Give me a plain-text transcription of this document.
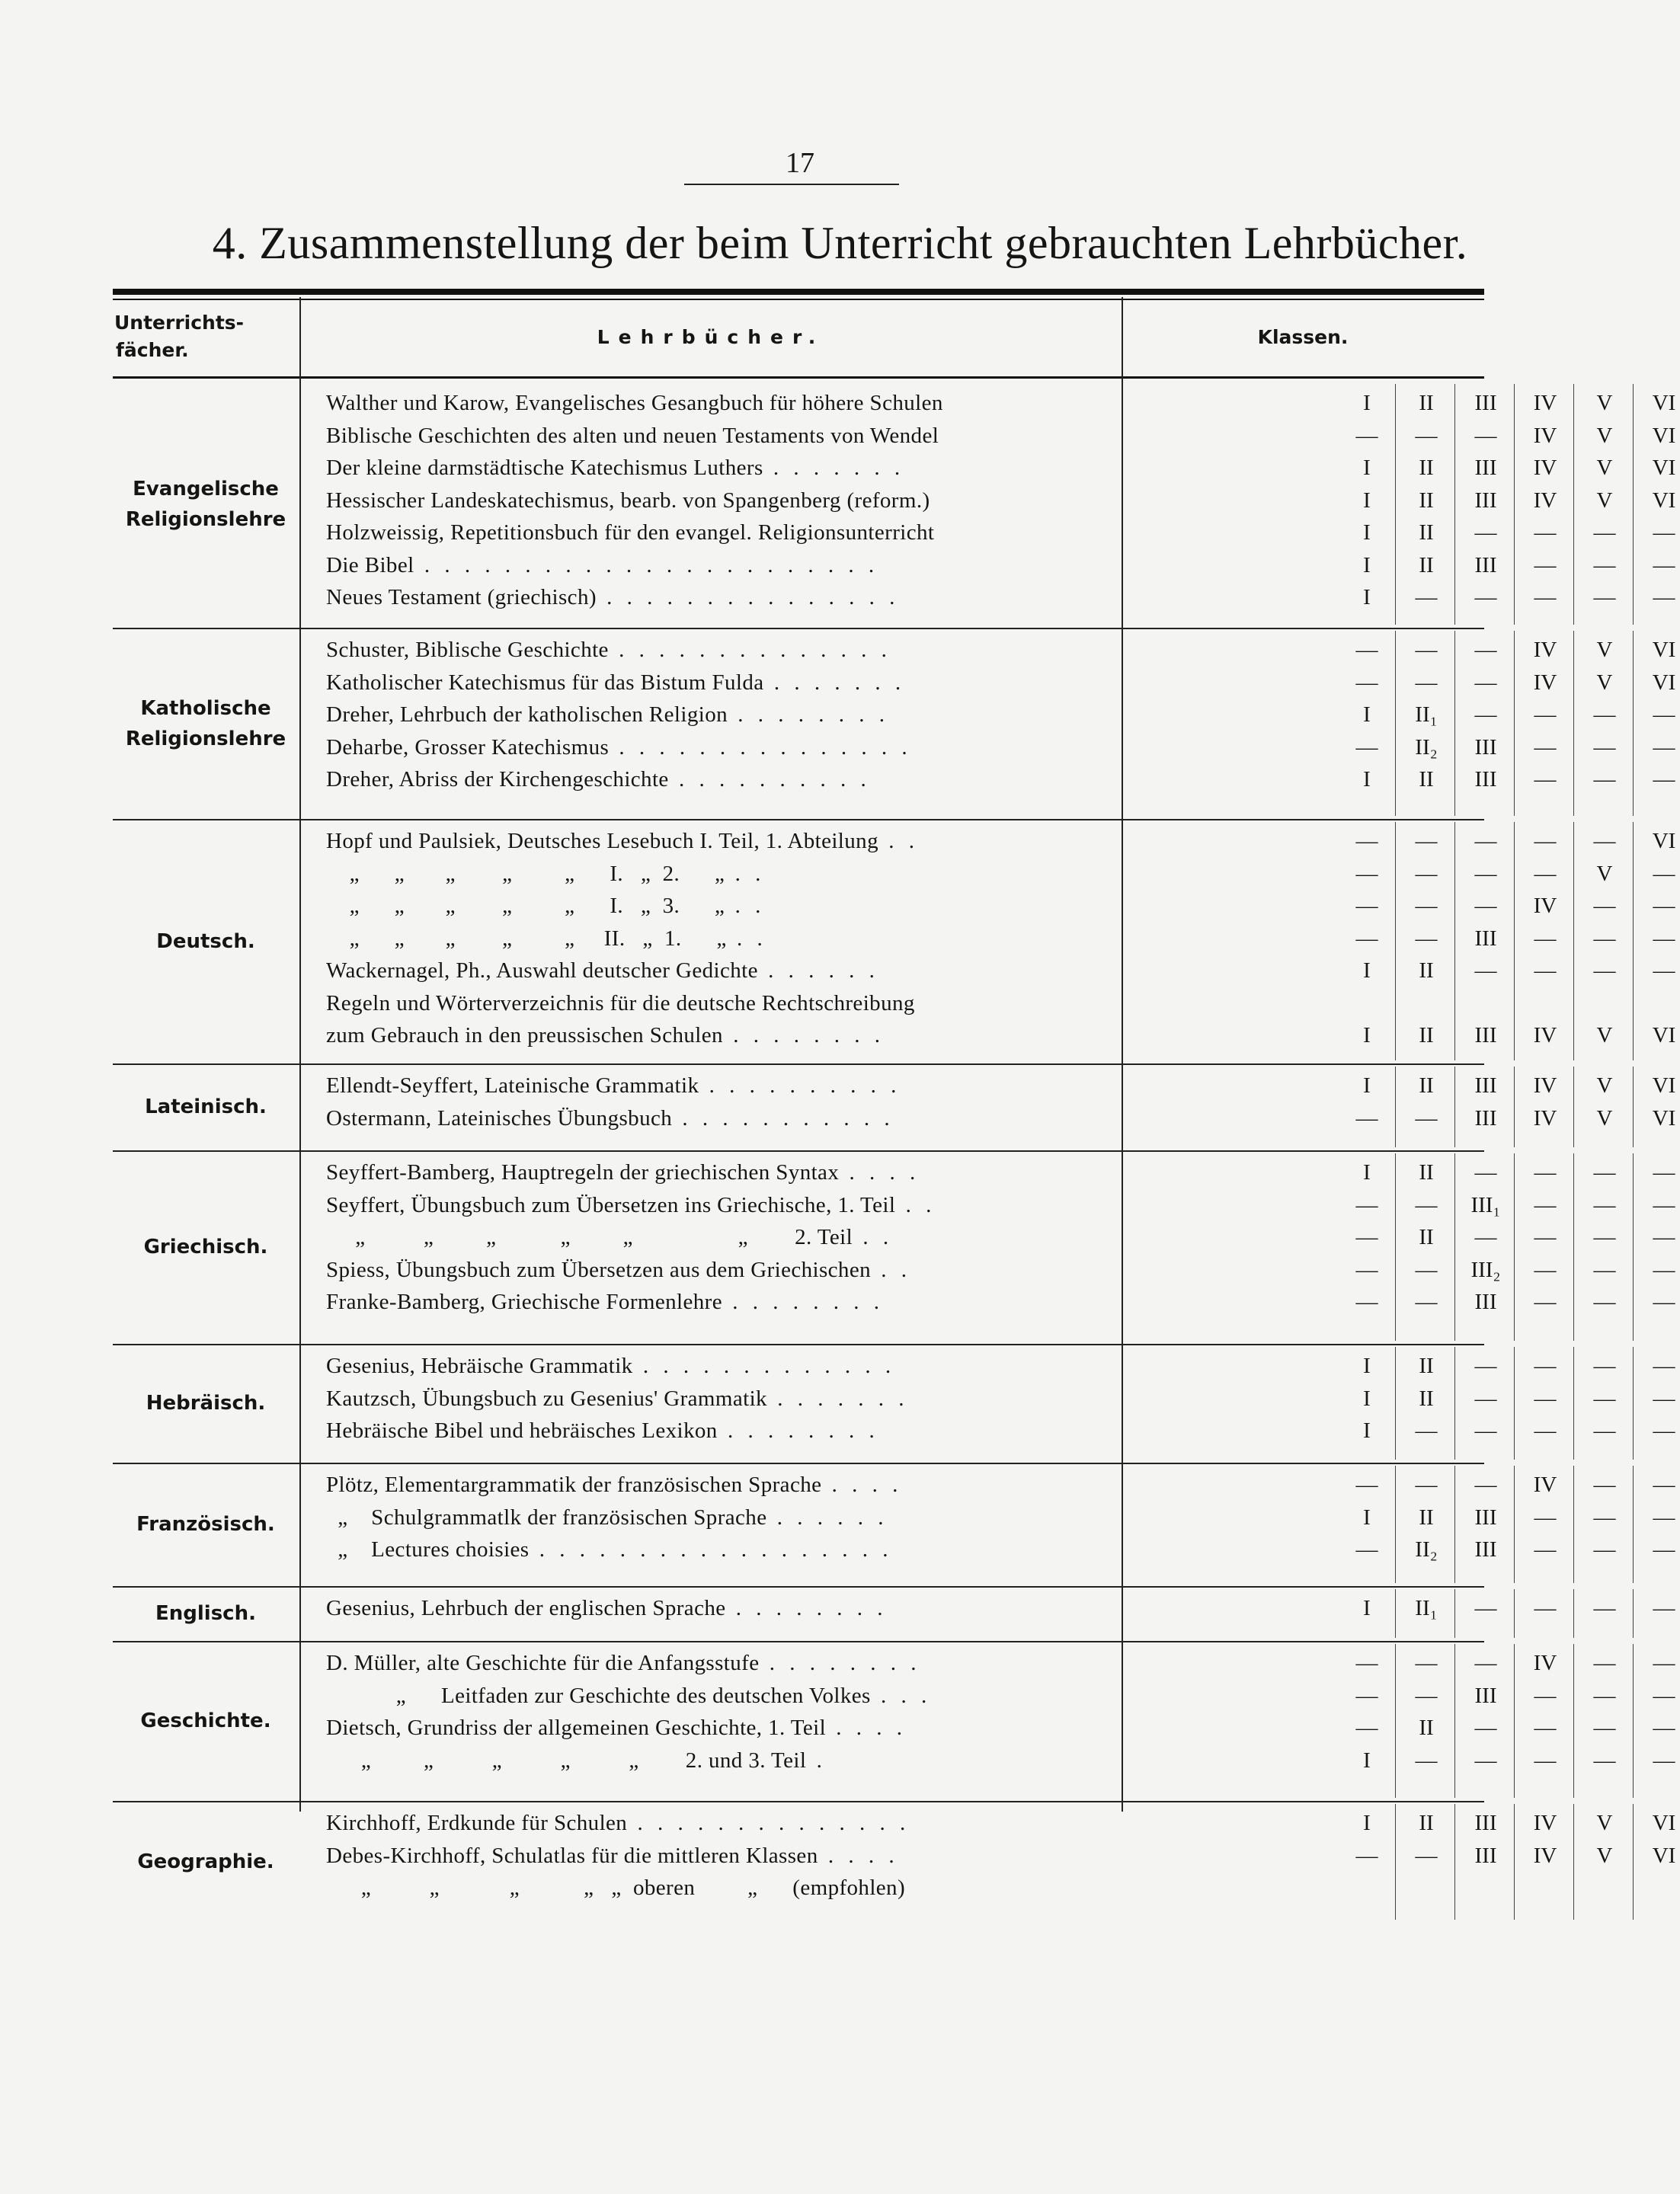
17
4. Zusammenstellung der beim Unterricht gebrauchten Lehrbücher.
Unterrichts-
fächer.
Lehrbücher.	Klassen.
Evangelische
Religionslehre
Walther und Karow, Evangelisches Gesangbuch für höhere Schulen	I	II	III	IV	V	VI
Biblische Geschichten des alten und neuen Testaments von Wendel	—	—	—	IV	V	VI
Der kleine darmstädtische Katechismus Luthers . . . . . . .	I	II	III	IV	V	VI
Hessischer Landeskatechismus, bearb. von Spangenberg (reform.)	I	II	III	IV	V	VI
Holzweissig, Repetitionsbuch für den evangel. Religionsunterricht	I	II	—	—	—	—
Die Bibel . . . . . . . . . . . . . . . . . . . . . . .	I	II	III	—	—	—
Neues Testament (griechisch) . . . . . . . . . . . . . . .	I	—	—	—	—	—
Katholische
Religionslehre
Schuster, Biblische Geschichte . . . . . . . . . . . . . .	—	—	—	IV	V	VI
Katholischer Katechismus für das Bistum Fulda . . . . . . .	—	—	—	IV	V	VI
Dreher, Lehrbuch der katholischen Religion . . . . . . . .	I	II₁	—	—	—	—
Deharbe, Grosser Katechismus . . . . . . . . . . . . . . .	—	II₂	III	—	—	—
Dreher, Abriss der Kirchengeschichte . . . . . . . . . .	I	II	III	—	—	—
Deutsch.
Hopf und Paulsiek, Deutsches Lesebuch I. Teil, 1. Abteilung . .	—	—	—	—	—	VI
„      „       „        „         „      I.   „  2.      „ . .	—	—	—	—	V	—
„      „       „        „         „      I.   „  3.      „ . .	—	—	—	IV	—	—
„      „       „        „         „     II.   „  1.      „ . .	—	—	III	—	—	—
Wackernagel, Ph., Auswahl deutscher Gedichte . . . . . .	I	II	—	—	—	—
Regeln und Wörterverzeichnis für die deutsche Rechtschreibung
zum Gebrauch in den preussischen Schulen . . . . . . . .	I	II	III	IV	V	VI
Lateinisch.
Ellendt-Seyffert, Lateinische Grammatik . . . . . . . . . .	I	II	III	IV	V	VI
Ostermann, Lateinisches Übungsbuch . . . . . . . . . . .	—	—	III	IV	V	VI
Griechisch.
Seyffert-Bamberg, Hauptregeln der griechischen Syntax . . . .	I	II	—	—	—	—
Seyffert, Übungsbuch zum Übersetzen ins Griechische, 1. Teil . .	—	—	III₁	—	—	—
„          „         „           „         „                  „        2. Teil . .	—	II	—	—	—	—
Spiess, Übungsbuch zum Übersetzen aus dem Griechischen . .	—	—	III₂	—	—	—
Franke-Bamberg, Griechische Formenlehre . . . . . . . .	—	—	III	—	—	—
Hebräisch.
Gesenius, Hebräische Grammatik . . . . . . . . . . . . .	I	II	—	—	—	—
Kautzsch, Übungsbuch zu Gesenius' Grammatik . . . . . . .	I	II	—	—	—	—
Hebräische Bibel und hebräisches Lexikon . . . . . . . .	I	—	—	—	—	—
Französisch.
Plötz, Elementargrammatik der französischen Sprache . . . .	—	—	—	IV	—	—
„    Schulgrammatlk der französischen Sprache . . . . . .	I	II	III	—	—	—
„    Lectures choisies . . . . . . . . . . . . . . . . . .	—	II₂	III	—	—	—
Englisch.	Gesenius, Lehrbuch der englischen Sprache . . . . . . . .	I	II₁	—	—	—	—
Geschichte.
D. Müller, alte Geschichte für die Anfangsstufe . . . . . . . .	—	—	—	IV	—	—
„      Leitfaden zur Geschichte des deutschen Volkes . . .	—	—	III	—	—	—
Dietsch, Grundriss der allgemeinen Geschichte, 1. Teil . . . .	—	II	—	—	—	—
„         „          „          „          „        2. und 3. Teil .	I	—	—	—	—	—
Geographie.
Kirchhoff, Erdkunde für Schulen . . . . . . . . . . . . . .	I	II	III	IV	V	VI
Debes-Kirchhoff, Schulatlas für die mittleren Klassen . . . .	—	—	III	IV	V	VI
„          „            „           „   „  oberen         „      (empfohlen)
